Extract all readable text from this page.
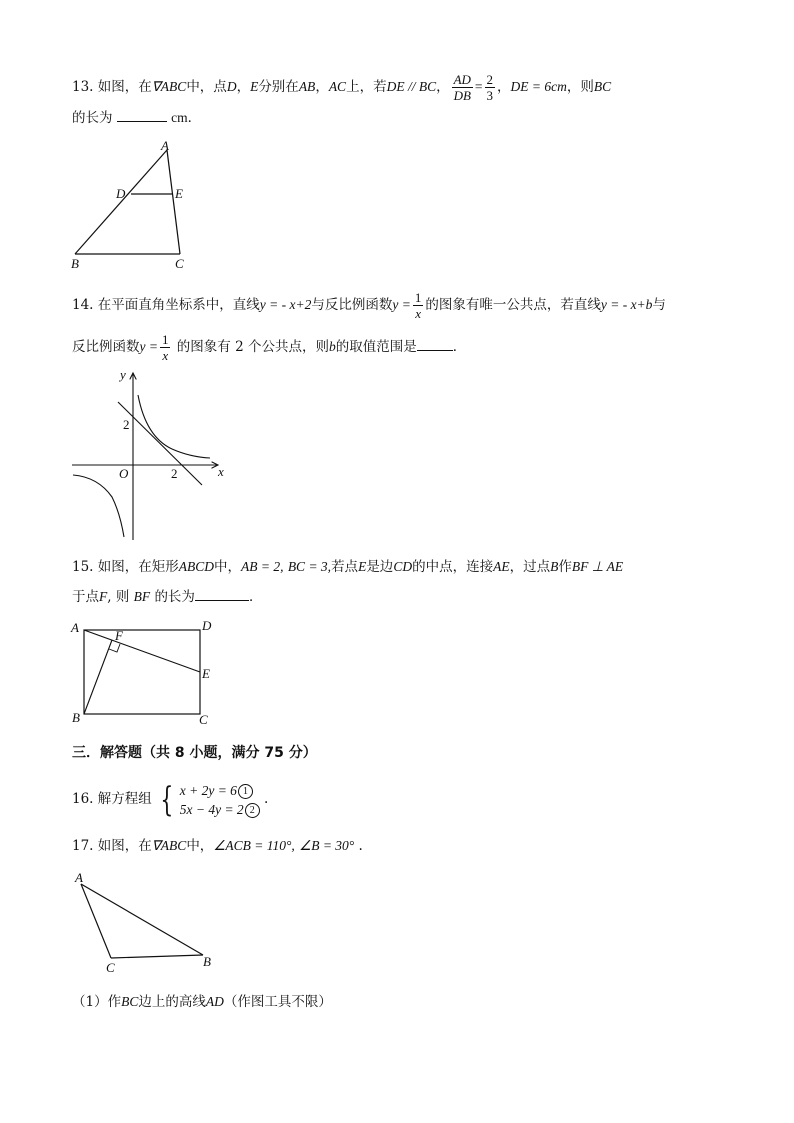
13. 如图，在∇ABC中，点D，E分别在AB，AC上，若DE // BC， $\frac{AD}{DB} = \frac{2}{3}$ ，DE = 6cm，则BC
的长为	cm．
A
D	E
B	C
14. 在平面直角坐标系中，直线y = - x+2与反比例函数$y = \frac{1}{x}$ 的图象有唯一公共点，若直线y = - x+b与
反比例函数$y = \frac{1}{x}$ 的图象有 2 个公共点，则b的取值范围是	．
y
x
O
2
2
15. 如图，在矩形ABCD中，AB = 2, BC = 3,若点E是边CD的中点，连接AE，过点B作BF ⊥ AE
于点F, 则 BF 的长为	．
A
F
D
E
B	C
三．解答题（共 8 小题，满分 75 分）
16. 解方程组 { x + 2y = 6 1
5x − 4y = 2 2
.
17. 如图，在∇ABC中，∠ACB = 110°, ∠B = 30° .
A
C	B
（1）作BC边上的高线AD（作图工具不限）
